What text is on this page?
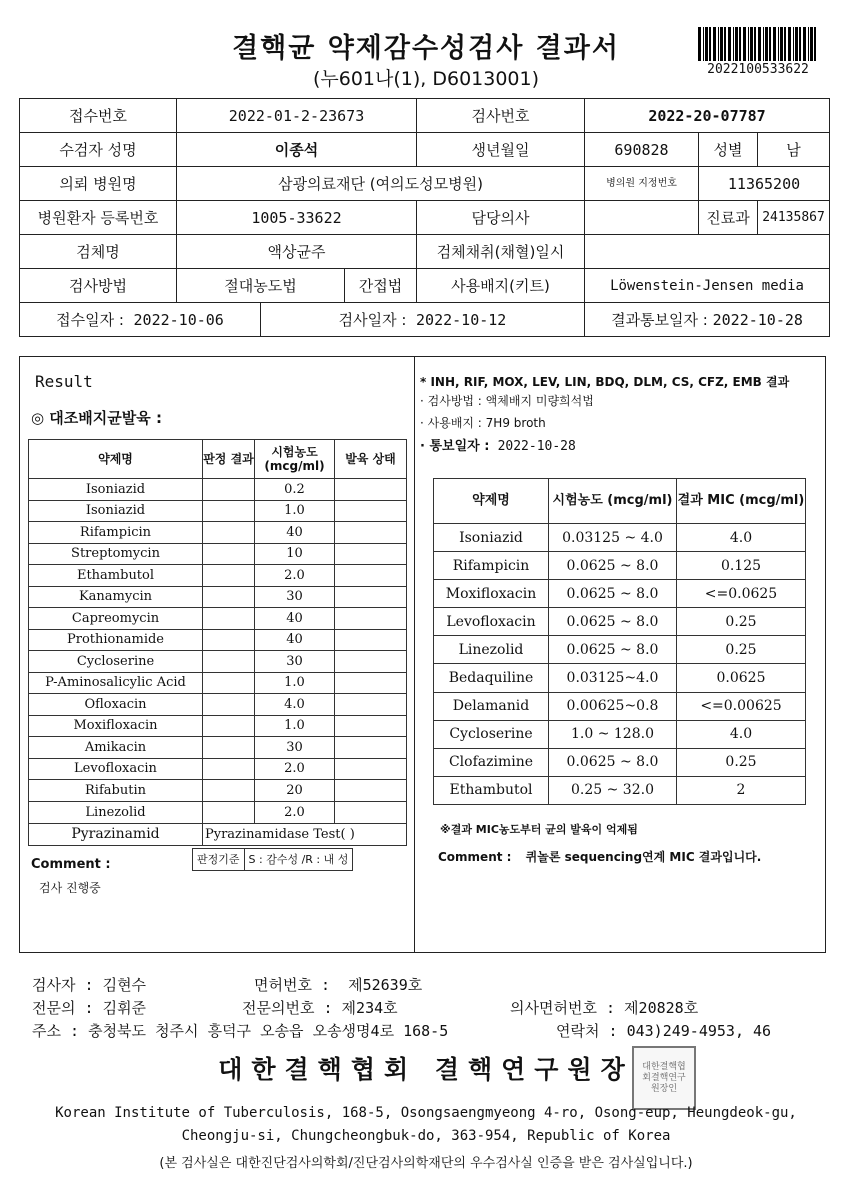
결핵균 약제감수성검사 결과서
(누601나(1), D6013001)	2022100533622
접수번호	2022-01-2-23673			검사번호	2022-20-07787		
수검자 성명	이종석			생년월일	690828	성별	남
의뢰 병원명	삼광의료재단 (여의도성모병원)				병의원 지정번호	11365200	
병원환자 등록번호	1005-33622			담당의사		진료과	24135867
검체명	액상균주			검체채취(채혈)일시			
검사방법	절대농도법		간접법	사용배지(키트)	Löwenstein-Jensen media		
접수일자 : 2022-10-06		검사일자 : 2022-10-12			결과통보일자 : 2022-10-28		
Result
◎ 대조배지균발육 :
약제명	판정 결과	시험농도 (mcg/ml)	발육 상태
Isoniazid		0.2	
Isoniazid		1.0	
Rifampicin		40	
Streptomycin		10	
Ethambutol		2.0	
Kanamycin		30	
Capreomycin		40	
Prothionamide		40	
Cycloserine		30	
P-Aminosalicylic Acid		1.0	
Ofloxacin		4.0	
Moxifloxacin		1.0	
Amikacin		30	
Levofloxacin		2.0	
Rifabutin		20	
Linezolid		2.0	
Pyrazinamid	Pyrazinamidase Test( )
판정기준 S : 감수성 /R : 내 성
Comment :
검사 진행중
* INH, RIF, MOX, LEV, LIN, BDQ, DLM, CS, CFZ, EMB 결과
· 검사방법 : 액체배지 미량희석법
· 사용배지 : 7H9 broth
· 통보일자 : 2022-10-28
약제명	시험농도 (mcg/ml)	결과 MIC (mcg/ml)
Isoniazid	0.03125 ~ 4.0	4.0
Rifampicin	0.0625 ~ 8.0	0.125
Moxifloxacin	0.0625 ~ 8.0	<=0.0625
Levofloxacin	0.0625 ~ 8.0	0.25
Linezolid	0.0625 ~ 8.0	0.25
Bedaquiline	0.03125~4.0	0.0625
Delamanid	0.00625~0.8	<=0.00625
Cycloserine	1.0 ~ 128.0	4.0
Clofazimine	0.0625 ~ 8.0	0.25
Ethambutol	0.25 ~ 32.0	2
※결과 MIC농도부터 균의 발육이 억제됨
Comment : 퀴놀론 sequencing연계 MIC 결과입니다.
검사자 : 김현수	면허번호 : 제52639호
전문의 : 김휘준	전문의번호 : 제234호	의사면허번호 : 제20828호
주소 : 충청북도 청주시 흥덕구 오송읍 오송생명4로 168-5	연락처 : 043)249-4953, 46
대한결핵협회 결핵연구원장 대한결핵협회결핵연구원장인
Korean Institute of Tuberculosis, 168-5, Osongsaengmyeong 4-ro, Osong-eup, Heungdeok-gu,
Cheongju-si, Chungcheongbuk-do, 363-954, Republic of Korea
(본 검사실은 대한진단검사의학회/진단검사의학재단의 우수검사실 인증을 받은 검사실입니다.)
